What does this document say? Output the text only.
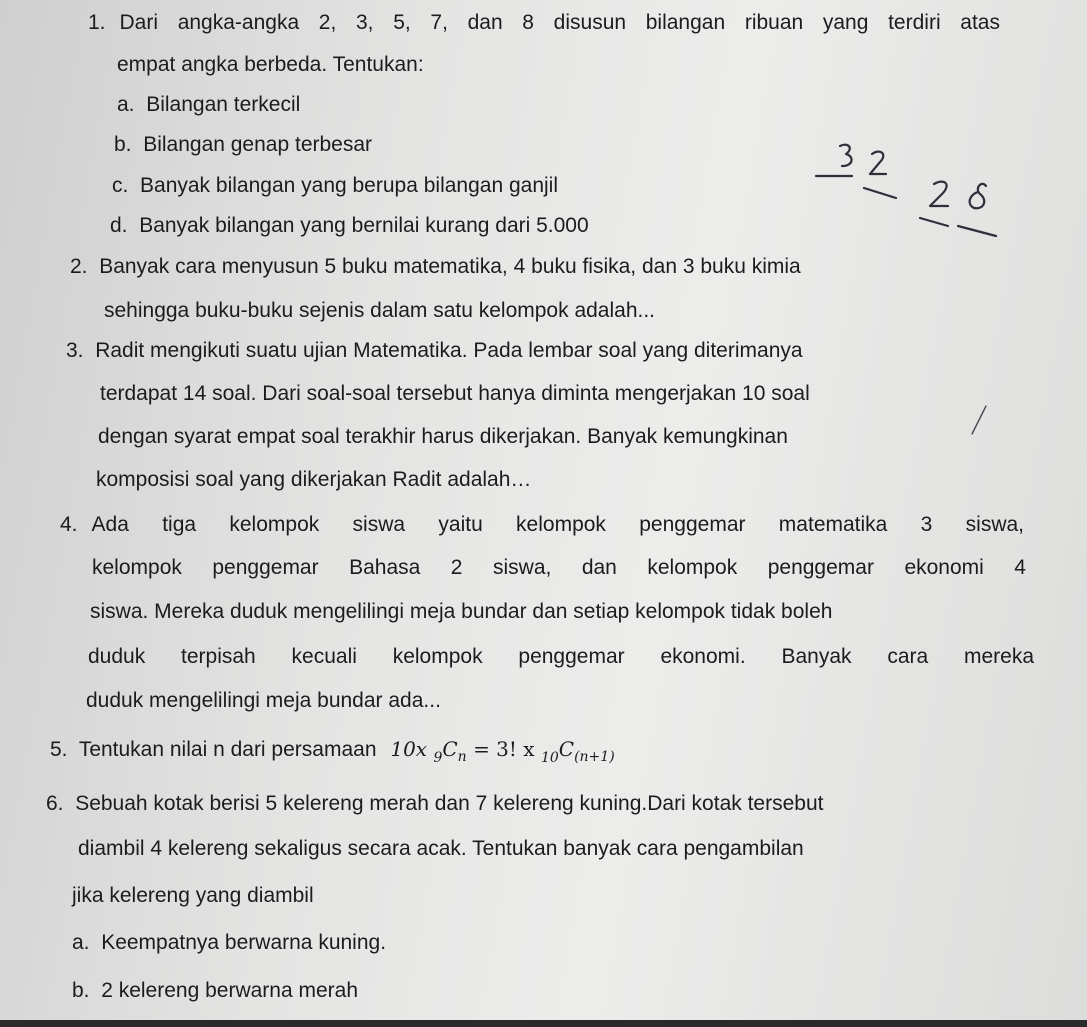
1. Dari angka-angka 2, 3, 5, 7, dan 8 disusun bilangan ribuan yang terdiri atas
empat angka berbeda. Tentukan:
a. Bilangan terkecil
b. Bilangan genap terbesar
c. Banyak bilangan yang berupa bilangan ganjil
d. Banyak bilangan yang bernilai kurang dari 5.000
2. Banyak cara menyusun 5 buku matematika, 4 buku fisika, dan 3 buku kimia
sehingga buku-buku sejenis dalam satu kelompok adalah...
3. Radit mengikuti suatu ujian Matematika. Pada lembar soal yang diterimanya
terdapat 14 soal. Dari soal-soal tersebut hanya diminta mengerjakan 10 soal
dengan syarat empat soal terakhir harus dikerjakan. Banyak kemungkinan
komposisi soal yang dikerjakan Radit adalah…
4. Ada tiga kelompok siswa yaitu kelompok penggemar matematika 3 siswa,
kelompok penggemar Bahasa 2 siswa, dan kelompok penggemar ekonomi 4
siswa. Mereka duduk mengelilingi meja bundar dan setiap kelompok tidak boleh
duduk terpisah kecuali kelompok penggemar ekonomi. Banyak cara mereka
duduk mengelilingi meja bundar ada...
5. Tentukan nilai n dari persamaan 10x $_9C_n = 3$! x $_{10}C_{(n+1)}$
6. Sebuah kotak berisi 5 kelereng merah dan 7 kelereng kuning.Dari kotak tersebut
diambil 4 kelereng sekaligus secara acak. Tentukan banyak cara pengambilan
jika kelereng yang diambil
a. Keempatnya berwarna kuning.
b. 2 kelereng berwarna merah
